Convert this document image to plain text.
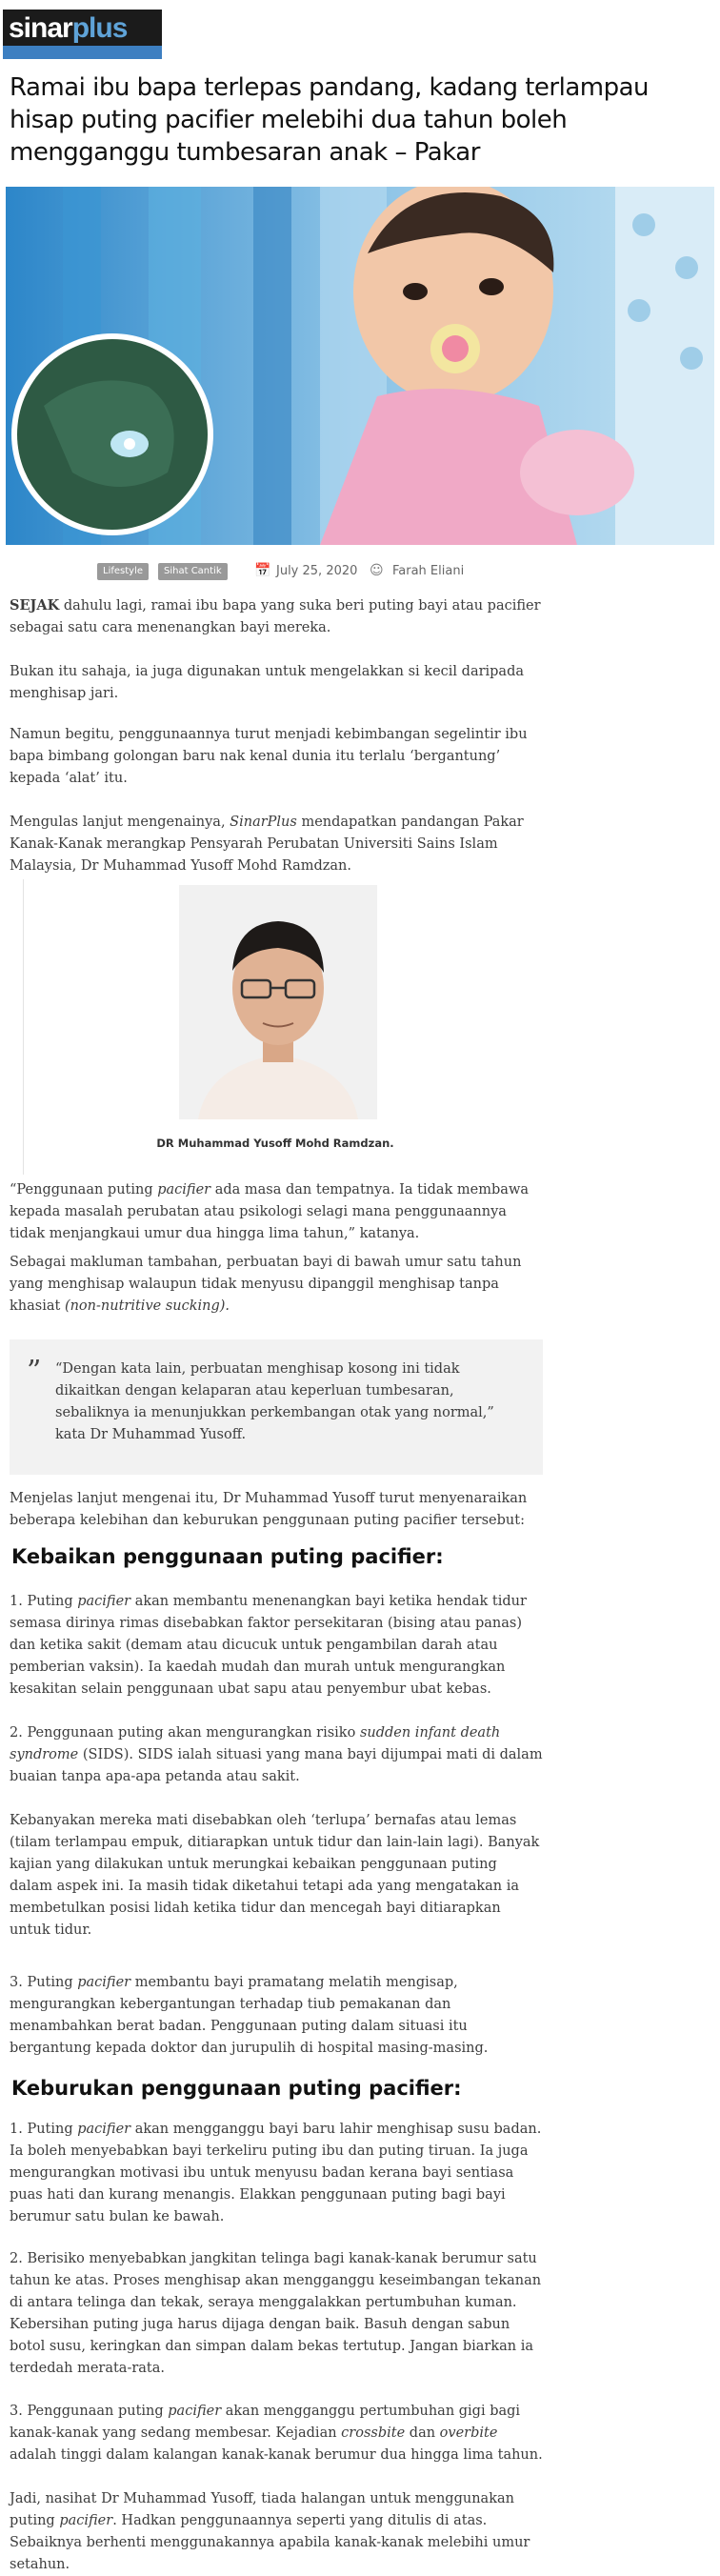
sinarplus
Ramai ibu bapa terlepas pandang, kadang terlampau hisap puting pacifier melebihi dua tahun boleh mengganggu tumbesaran anak – Pakar
Lifestyle	Sihat Cantik	📅 July 25, 2020 ☺ Farah Eliani

SEJAK dahulu lagi, ramai ibu bapa yang suka beri puting bayi atau pacifier sebagai satu cara menenangkan bayi mereka.

Bukan itu sahaja, ia juga digunakan untuk mengelakkan si kecil daripada menghisap jari.

Namun begitu, penggunaannya turut menjadi kebimbangan segelintir ibu bapa bimbang golongan baru nak kenal dunia itu terlalu ‘bergantung’ kepada ‘alat’ itu.

Mengulas lanjut mengenainya, SinarPlus mendapatkan pandangan Pakar Kanak-Kanak merangkap Pensyarah Perubatan Universiti Sains Islam Malaysia, Dr Muhammad Yusoff Mohd Ramdzan.

DR Muhammad Yusoff Mohd Ramdzan.

“Penggunaan puting pacifier ada masa dan tempatnya. Ia tidak membawa kepada masalah perubatan atau psikologi selagi mana penggunaannya tidak menjangkaui umur dua hingga lima tahun,” katanya.

Sebagai makluman tambahan, perbuatan bayi di bawah umur satu tahun yang menghisap walaupun tidak menyusu dipanggil menghisap tanpa khasiat (non-nutritive sucking).

” “Dengan kata lain, perbuatan menghisap kosong ini tidak dikaitkan dengan kelaparan atau keperluan tumbesaran, sebaliknya ia menunjukkan perkembangan otak yang normal,” kata Dr Muhammad Yusoff.

Menjelas lanjut mengenai itu, Dr Muhammad Yusoff turut menyenaraikan beberapa kelebihan dan keburukan penggunaan puting pacifier tersebut:

Kebaikan penggunaan puting pacifier:

1. Puting pacifier akan membantu menenangkan bayi ketika hendak tidur semasa dirinya rimas disebabkan faktor persekitaran (bising atau panas) dan ketika sakit (demam atau dicucuk untuk pengambilan darah atau pemberian vaksin). Ia kaedah mudah dan murah untuk mengurangkan kesakitan selain penggunaan ubat sapu atau penyembur ubat kebas.

2. Penggunaan puting akan mengurangkan risiko sudden infant death syndrome (SIDS). SIDS ialah situasi yang mana bayi dijumpai mati di dalam buaian tanpa apa-apa petanda atau sakit.

Kebanyakan mereka mati disebabkan oleh ‘terlupa’ bernafas atau lemas (tilam terlampau empuk, ditiarapkan untuk tidur dan lain-lain lagi). Banyak kajian yang dilakukan untuk merungkai kebaikan penggunaan puting dalam aspek ini. Ia masih tidak diketahui tetapi ada yang mengatakan ia membetulkan posisi lidah ketika tidur dan mencegah bayi ditiarapkan untuk tidur.

3. Puting pacifier membantu bayi pramatang melatih mengisap, mengurangkan kebergantungan terhadap tiub pemakanan dan menambahkan berat badan. Penggunaan puting dalam situasi itu bergantung kepada doktor dan jurupulih di hospital masing-masing.

Keburukan penggunaan puting pacifier:

1. Puting pacifier akan mengganggu bayi baru lahir menghisap susu badan. Ia boleh menyebabkan bayi terkeliru puting ibu dan puting tiruan. Ia juga mengurangkan motivasi ibu untuk menyusu badan kerana bayi sentiasa puas hati dan kurang menangis. Elakkan penggunaan puting bagi bayi berumur satu bulan ke bawah.

2. Berisiko menyebabkan jangkitan telinga bagi kanak-kanak berumur satu tahun ke atas. Proses menghisap akan mengganggu keseimbangan tekanan di antara telinga dan tekak, seraya menggalakkan pertumbuhan kuman. Kebersihan puting juga harus dijaga dengan baik. Basuh dengan sabun botol susu, keringkan dan simpan dalam bekas tertutup. Jangan biarkan ia terdedah merata-rata.

3. Penggunaan puting pacifier akan mengganggu pertumbuhan gigi bagi kanak-kanak yang sedang membesar. Kejadian crossbite dan overbite adalah tinggi dalam kalangan kanak-kanak berumur dua hingga lima tahun.

Jadi, nasihat Dr Muhammad Yusoff, tiada halangan untuk menggunakan puting pacifier. Hadkan penggunaannya seperti yang ditulis di atas. Sebaiknya berhenti menggunakannya apabila kanak-kanak melebihi umur setahun.
